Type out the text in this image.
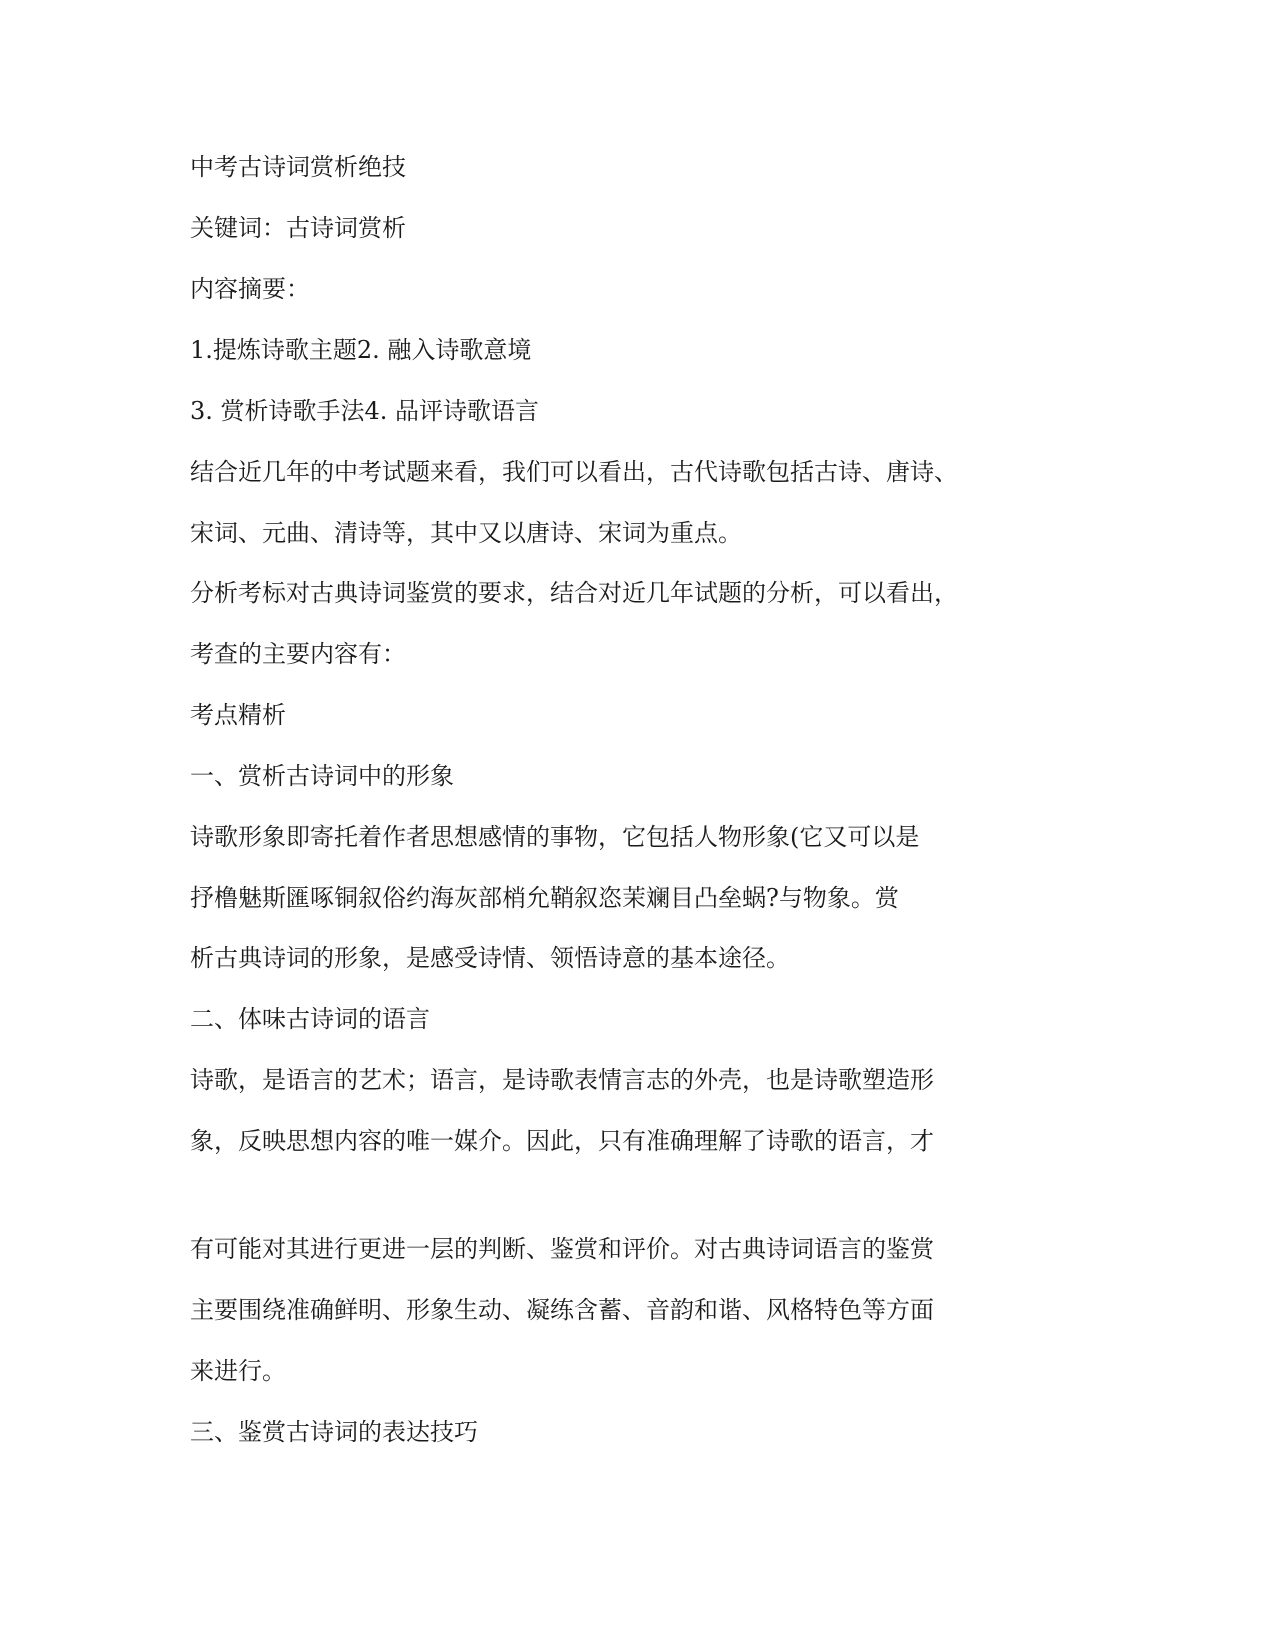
中考古诗词赏析绝技
关键词：古诗词赏析
内容摘要：
1.提炼诗歌主题2. 融入诗歌意境
3. 赏析诗歌手法4. 品评诗歌语言
结合近几年的中考试题来看，我们可以看出，古代诗歌包括古诗、唐诗、
宋词、元曲、清诗等，其中又以唐诗、宋词为重点。
分析考标对古典诗词鉴赏的要求，结合对近几年试题的分析，可以看出，
考查的主要内容有：
考点精析
一、赏析古诗词中的形象
诗歌形象即寄托着作者思想感情的事物，它包括人物形象(它又可以是
抒橹魅斯匯啄铜叙俗约海灰部梢允鞘叙恣茉斓目凸垒蜗?与物象。赏
析古典诗词的形象，是感受诗情、领悟诗意的基本途径。
二、体味古诗词的语言
诗歌，是语言的艺术；语言，是诗歌表情言志的外壳，也是诗歌塑造形
象，反映思想内容的唯一媒介。因此，只有准确理解了诗歌的语言，才
有可能对其进行更进一层的判断、鉴赏和评价。对古典诗词语言的鉴赏
主要围绕准确鲜明、形象生动、凝练含蓄、音韵和谐、风格特色等方面
来进行。
三、鉴赏古诗词的表达技巧
